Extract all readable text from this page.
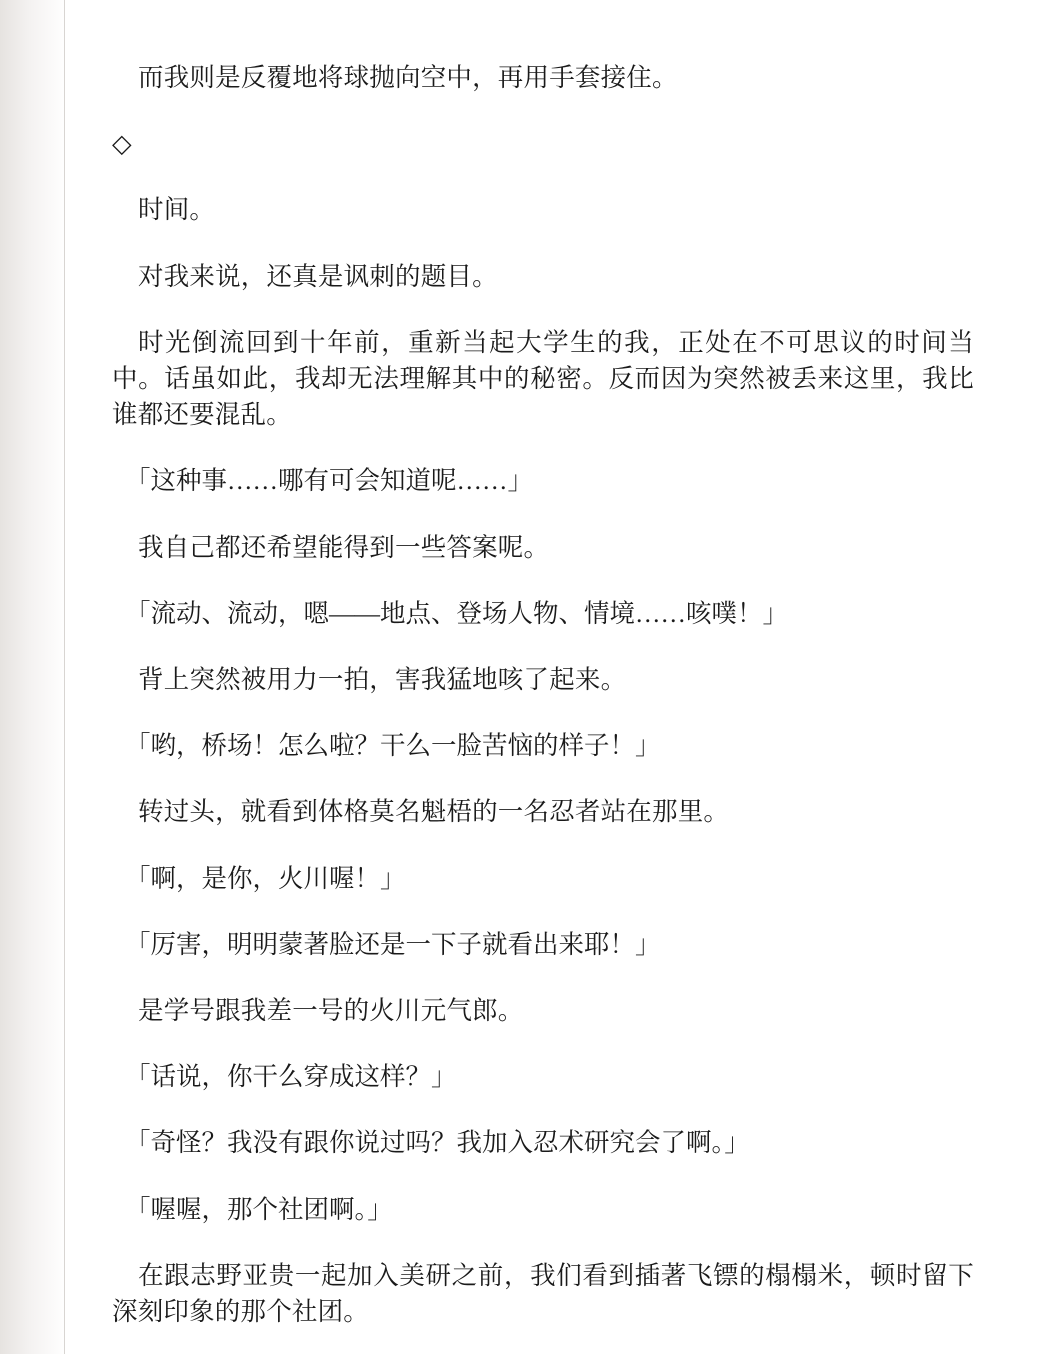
而我则是反覆地将球抛向空中，再用手套接住。

◇

时间。

对我来说，还真是讽刺的题目。

时光倒流回到十年前，重新当起大学生的我，正处在不可思议的时间当中。话虽如此，我却无法理解其中的秘密。反而因为突然被丢来这里，我比谁都还要混乱。

「这种事……哪有可会知道呢……」

我自己都还希望能得到一些答案呢。

「流动、流动，嗯——地点、登场人物、情境……咳噗！」

背上突然被用力一拍，害我猛地咳了起来。

「哟，桥场！怎么啦？干么一脸苦恼的样子！」

转过头，就看到体格莫名魁梧的一名忍者站在那里。

「啊，是你，火川喔！」

「厉害，明明蒙著脸还是一下子就看出来耶！」

是学号跟我差一号的火川元气郎。

「话说，你干么穿成这样？」

「奇怪？我没有跟你说过吗？我加入忍术研究会了啊。」

「喔喔，那个社团啊。」

在跟志野亚贵一起加入美研之前，我们看到插著飞镖的榻榻米，顿时留下深刻印象的那个社团。
